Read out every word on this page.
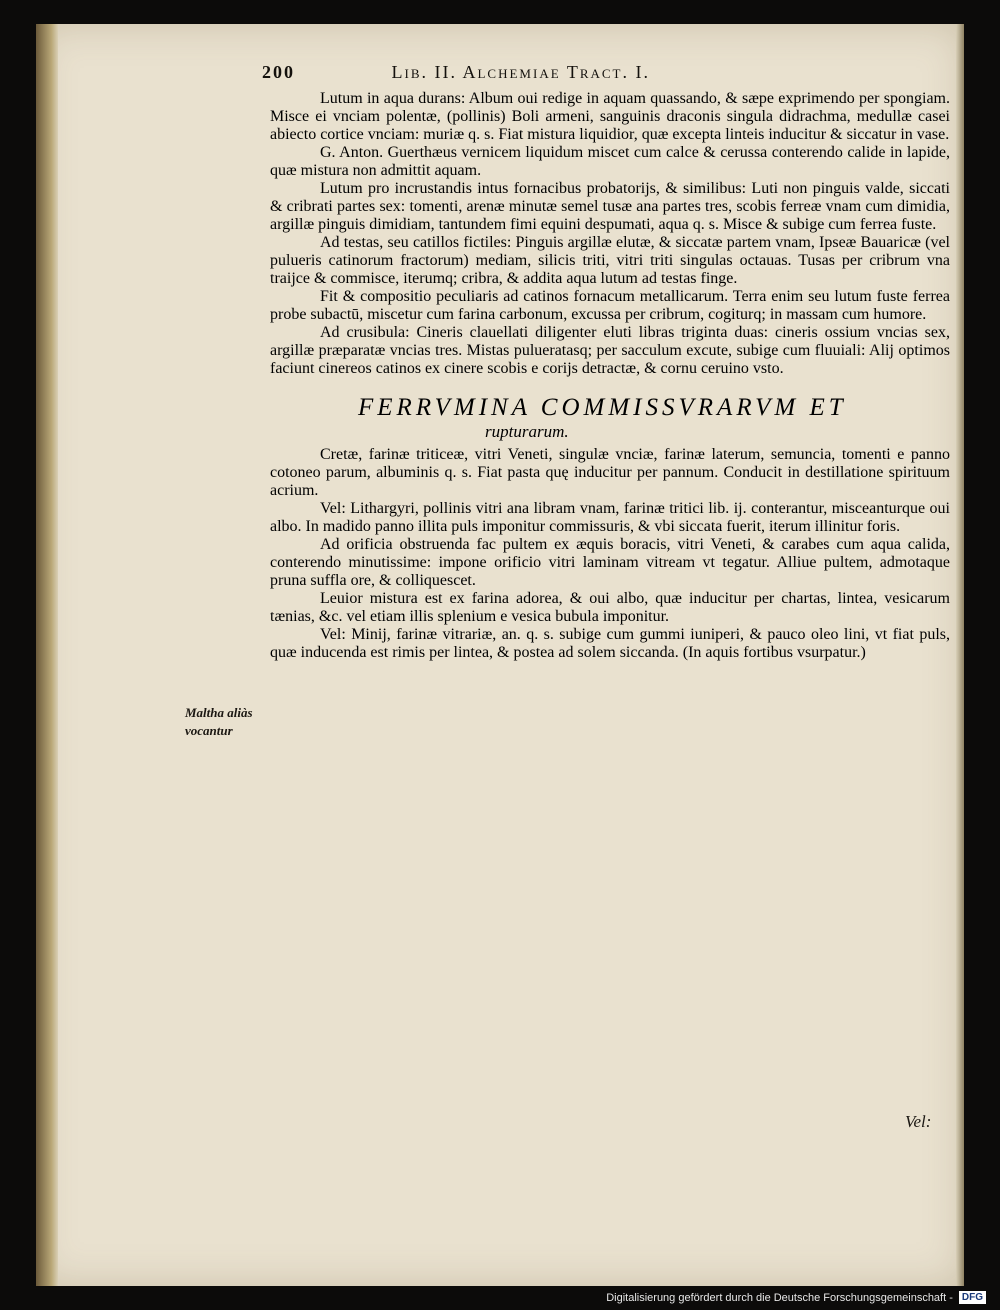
200	Lib. II. Alchemiae Tract. I.

Lutum in aqua durans: Album oui redige in aquam quassando, & sæpe exprimendo per spongiam. Misce ei vnciam polentæ, (pollinis) Boli armeni, sanguinis draconis singula didrachma, medullæ casei abiecto cortice vnciam: muriæ q. s. Fiat mistura liquidior, quæ excepta linteis inducitur & siccatur in vase.

G. Anton. Guerthæus vernicem liquidum miscet cum calce & cerussa conterendo calide in lapide, quæ mistura non admittit aquam.

Lutum pro incrustandis intus fornacibus probatorijs, & similibus: Luti non pinguis valde, siccati & cribrati partes sex: tomenti, arenæ minutæ semel tusæ ana partes tres, scobis ferreæ vnam cum dimidia, argillæ pinguis dimidiam, tantundem fimi equini despumati, aqua q. s. Misce & subige cum ferrea fuste.

Ad testas, seu catillos fictiles: Pinguis argillæ elutæ, & siccatæ partem vnam, Ipseæ Bauaricæ (vel pulueris catinorum fractorum) mediam, silicis triti, vitri triti singulas octauas. Tusas per cribrum vna traijce & commisce, iterumq; cribra, & addita aqua lutum ad testas finge.

Fit & compositio peculiaris ad catinos fornacum metallicarum. Terra enim seu lutum fuste ferrea probe subactū, miscetur cum farina carbonum, excussa per cribrum, cogiturq; in massam cum humore.

Ad crusibula: Cineris clauellati diligenter eluti libras triginta duas: cineris ossium vncias sex, argillæ præparatæ vncias tres. Mistas pulueratasq; per sacculum excute, subige cum fluuiali: Alij optimos faciunt cinereos catinos ex cinere scobis e corijs detractæ, & cornu ceruino vsto.

FERRVMINA COMMISSVRARVM ET
rupturarum.

Cretæ, farinæ triticeæ, vitri Veneti, singulæ vnciæ, farinæ laterum, semuncia, tomenti e panno cotoneo parum, albuminis q. s. Fiat pasta quę inducitur per pannum. Conducit in destillatione spirituum acrium.

Vel: Lithargyri, pollinis vitri ana libram vnam, farinæ tritici lib. ij. conterantur, misceanturque oui albo. In madido panno illita puls imponitur commissuris, & vbi siccata fuerit, iterum illinitur foris.

Ad orificia obstruenda fac pultem ex æquis boracis, vitri Veneti, & carabes cum aqua calida, conterendo minutissime: impone orificio vitri laminam vitream vt tegatur. Alliue pultem, admotaque pruna suffla ore, & colliquescet.

Leuior mistura est ex farina adorea, & oui albo, quæ inducitur per chartas, lintea, vesicarum tænias, &c. vel etiam illis splenium e vesica bubula imponitur.

Vel: Minij, farinæ vitrariæ, an. q. s. subige cum gummi iuniperi, & pauco oleo lini, vt fiat puls, quæ inducenda est rimis per lintea, & postea ad solem siccanda. (In aquis fortibus vsurpatur.)

Maltha aliàs vocantur
Vel:
Digitalisierung gefördert durch die Deutsche Forschungsgemeinschaft - DFG
